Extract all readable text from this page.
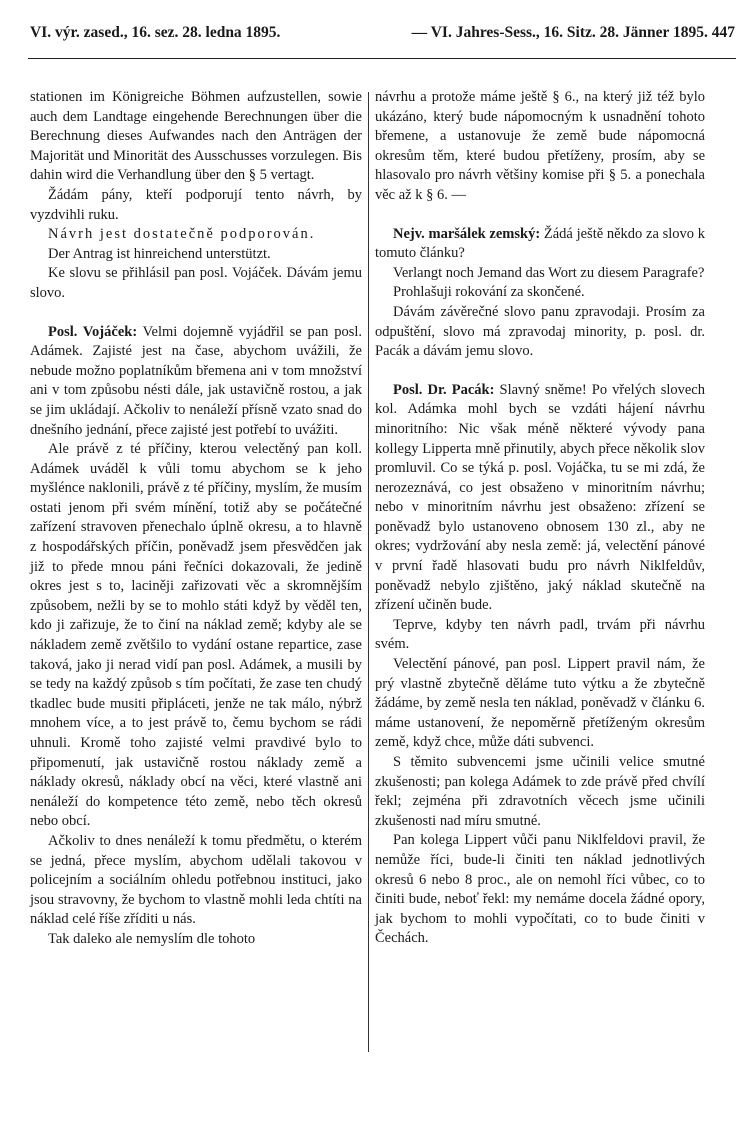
VI. výr. zased., 16. sez. 28. ledna 1895.	— VI. Jahres-Sess., 16. Sitz. 28. Jänner 1895. 447

stationen im Königreiche Böhmen aufzustellen, sowie auch dem Landtage eingehende Berechnungen über die Berechnung dieses Aufwandes nach den Anträgen der Majorität und Minorität des Ausschusses vorzulegen. Bis dahin wird die Verhandlung über den § 5 vertagt.

Žádám pány, kteří podporují tento návrh, by vyzdvihli ruku.

Návrh jest dostatečně podporován.

Der Antrag ist hinreichend unterstützt.

Ke slovu se přihlásil pan posl. Vojáček. Dávám jemu slovo.

Posl. Vojáček: Velmi dojemně vyjádřil se pan posl. Adámek. Zajisté jest na čase, abychom uvážili, že nebude možno poplatníkům břemena ani v tom množství ani v tom způsobu nésti dále, jak ustavičně rostou, a jak se jim ukládají. Ačkoliv to nenáleží přísně vzato snad do dnešního jednání, přece zajisté jest potřebí to uvážiti.

Ale právě z té příčiny, kterou velectěný pan koll. Adámek uváděl k vůli tomu abychom se k jeho myšlénce naklonili, právě z té příčiny, myslím, že musím ostati jenom při svém mínění, totiž aby se počátečné zařízení stravoven přenechalo úplně okresu, a to hlavně z hospodářských příčin, poněvadž jsem přesvědčen jak již to přede mnou páni řečníci dokazovali, že jedině okres jest s to, laciněji zařizovati věc a skromnějším způsobem, nežli by se to mohlo státi když by věděl ten, kdo ji zařizuje, že to činí na náklad země; kdyby ale se nákladem země zvětšilo to vydání ostane repartice, zase taková, jako ji nerad vidí pan posl. Adámek, a musili by se tedy na každý způsob s tím počítati, že zase ten chudý tkadlec bude musiti připláceti, jenže ne tak málo, nýbrž mnohem více, a to jest právě to, čemu bychom se rádi uhnuli. Kromě toho zajisté velmi pravdivé bylo to připomenutí, jak ustavičně rostou náklady země a náklady okresů, náklady obcí na věci, které vlastně ani nenáleží do kompetence této země, nebo těch okresů nebo obcí.

Ačkoliv to dnes nenáleží k tomu předmětu, o kterém se jedná, přece myslím, abychom udělali takovou v policejním a sociálním ohledu potřebnou instituci, jako jsou stravovny, že bychom to vlastně mohli leda chtíti na náklad celé říše zříditi u nás.

Tak daleko ale nemyslím dle tohoto

návrhu a protože máme ještě § 6., na který již též bylo ukázáno, který bude nápomocným k usnadnění tohoto břemene, a ustanovuje že země bude nápomocná okresům těm, které budou přetíženy, prosím, aby se hlasovalo pro návrh většiny komise při § 5. a ponechala věc až k § 6. —

Nejv. maršálek zemský: Žádá ještě někdo za slovo k tomuto článku?

Verlangt noch Jemand das Wort zu diesem Paragrafe?

Prohlašuji rokování za skončené.

Dávám závěrečné slovo panu zpravodaji. Prosím za odpuštění, slovo má zpravodaj minority, p. posl. dr. Pacák a dávám jemu slovo.

Posl. Dr. Pacák: Slavný sněme! Po vřelých slovech kol. Adámka mohl bych se vzdáti hájení návrhu minoritního: Nic však méně některé výv​ody pana kollegy Lipperta mně přinutily, abych přece několik slov promluvil. Co se týká p. posl. Vojáčka, tu se mi zdá, že nerozeznává, co jest obsaženo v minoritním návrhu; nebo v minoritním návrhu jest obsaženo: zřízení se poněvadž bylo ustanoveno obnosem 130 zl., aby ne okres; vydržování aby nesla země: já, velectění pánové v první řadě hlasovati budu pro návrh Niklfeldův, poněvadž nebylo zjištěno, jaký náklad skutečně na zřízení učiněn bude.

Teprve, kdyby ten návrh padl, trvám při návrhu svém.

Velectění pánové, pan posl. Lippert pravil nám, že prý vlastně zbytečně děláme tuto výtku a že zbytečně žádáme, by země nesla ten náklad, poněvadž v článku 6. máme ustanovení, že nepoměrně přetíženým okresům země, když chce, může dáti subvenci.

S těmito subvencemi jsme učinili velice smutné zkušenosti; pan kolega Adámek to zde právě před chvílí řekl; zejména při zdravotních věcech jsme učinili zkušenosti nad míru smutné.

Pan kolega Lippert vůči panu Niklfeldovi pravil, že nemůže říci, bude-li činiti ten náklad jednotlivých okresů 6 nebo 8 proc., ale on nemohl říci vůbec, co to činiti bude, neboť řekl: my nemáme docela žádné opory, jak bychom to mohli vypočítati, co to bude činiti v Čechách.
